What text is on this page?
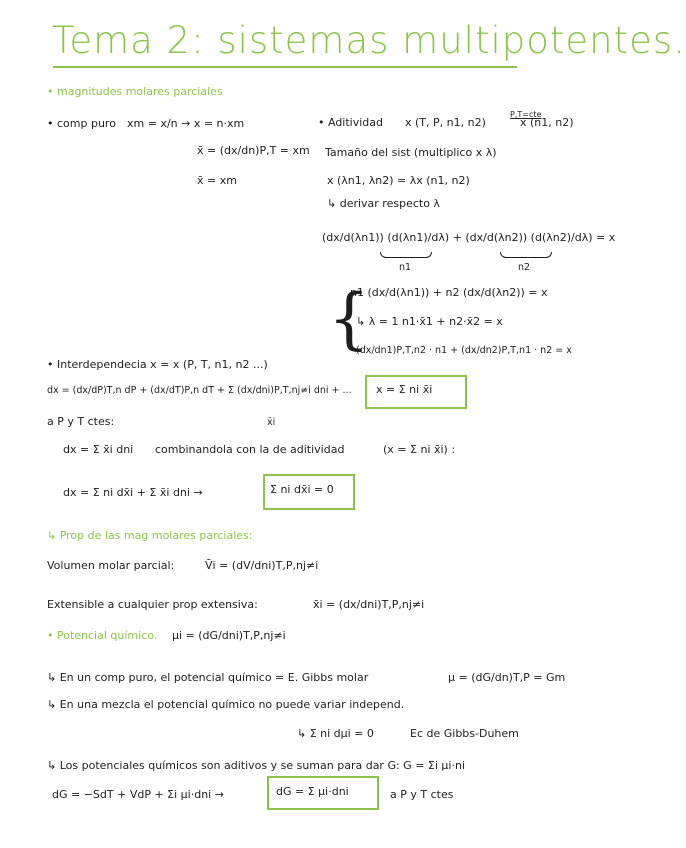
Tema 2: sistemas multipotentes.
• magnitudes molares parciales
• comp puro xm = x/n → x = n·xm
x̄ = (dx/dn)P,T = xm
x̄ = xm
• Aditividad x (T, P, n1, n2)
P,T=cte
x (n1, n2)
Tamaño del sist (multiplico x λ)
x (λn1, λn2) = λx (n1, n2)
↳ derivar respecto λ
(dx/d(λn1)) (d(λn1)/dλ) + (dx/d(λn2)) (d(λn2)/dλ) = x
n1	n2
{
n1 (dx/d(λn1)) + n2 (dx/d(λn2)) = x
↳ λ = 1 n1·x̄1 + n2·x̄2 = x
(dx/dn1)P,T,n2 · n1 + (dx/dn2)P,T,n1 · n2 = x
• Interdependecia x = x (P, T, n1, n2 ...)
x = Σ ni x̄i
dx = (dx/dP)T,n dP + (dx/dT)P,n dT + Σ (dx/dni)P,T,nj≠i dni + ...
x̄i
a P y T ctes:
dx = Σ x̄i dni combinandola con la de aditividad	(x = Σ ni x̄i) :
dx = Σ ni dx̄i + Σ x̄i dni →	Σ ni dx̄i = 0
↳ Prop de las mag molares parciales:
Volumen molar parcial:	V̄i = (dV/dni)T,P,nj≠i
Extensible a cualquier prop extensiva:	x̄i = (dx/dni)T,P,nj≠i
• Potencial químico. μi = (dG/dni)T,P,nj≠i
↳ En un comp puro, el potencial químico = E. Gibbs molar	μ = (dG/dn)T,P = Gm
↳ En una mezcla el potencial químico no puede variar independ.
↳ Σ ni dμi = 0	Ec de Gibbs-Duhem
↳ Los potenciales químicos son aditivos y se suman para dar G: G = Σi μi·ni
dG = −SdT + VdP + Σi μi·dni →	dG = Σ μi·dni	a P y T ctes
